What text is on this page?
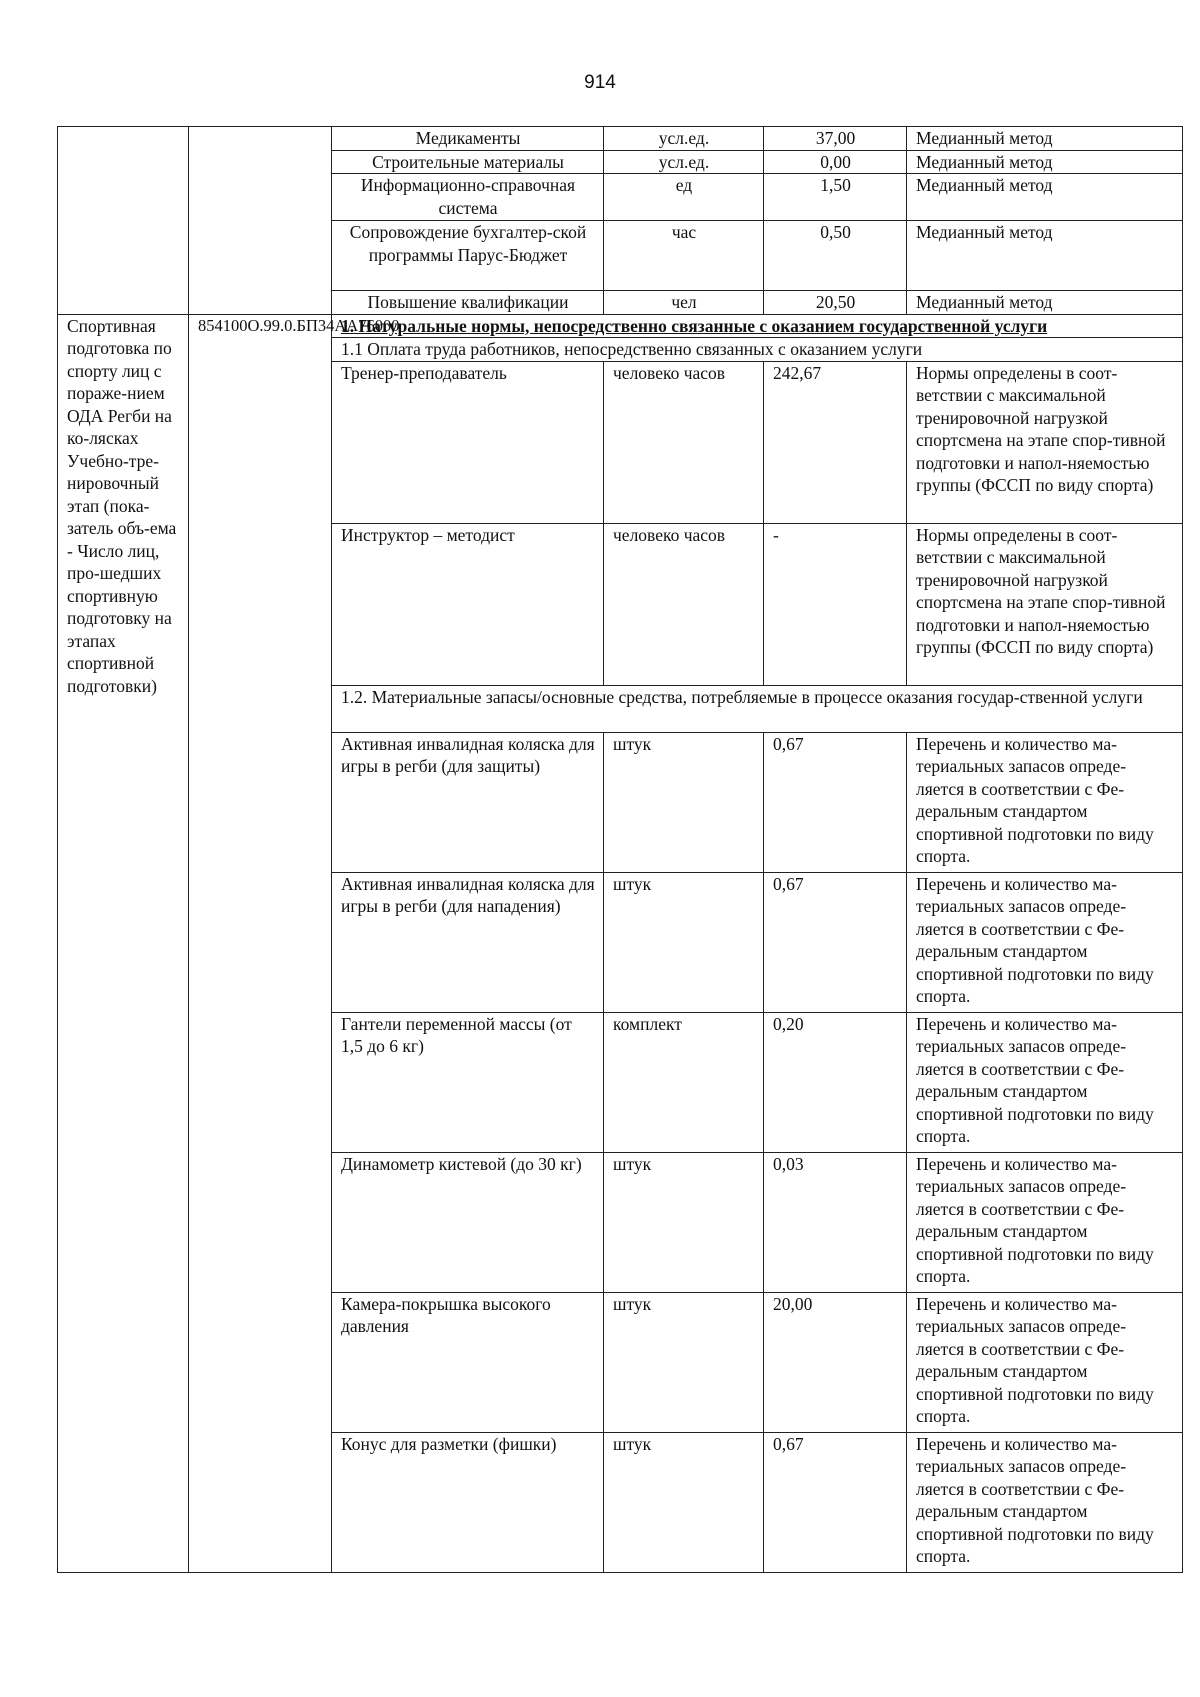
914
		Медикаменты	усл.ед.	37,00	Медианный метод
		Строительные материалы	усл.ед.	0,00	Медианный метод
		Информационно-справочная система	ед	1,50	Медианный метод
		Сопровождение бухгалтер-ской программы Парус-Бюджет	час	0,50	Медианный метод
		Повышение квалификации	чел	20,50	Медианный метод
Спортивная подготовка по спорту лиц с пораже-нием ОДА Регби на ко-лясках Учебно-тре-нировочный этап (пока-затель объ-ема - Число лиц, про-шедших спортивную подготовку на этапах спортивной подготовки)	854100О.99.0.БП34АА76000	1. Натуральные нормы, непосредственно связанные с оказанием государственной услуги			
		1.1 Оплата труда работников, непосредственно связанных с оказанием услуги			
		Тренер-преподаватель	человеко часов	242,67	Нормы определены в соот-ветствии с максимальной тренировочной нагрузкой спортсмена на этапе спор-тивной подготовки и напол-няемостью группы (ФССП по виду спорта)
		Инструктор – методист	человеко часов	-	Нормы определены в соот-ветствии с максимальной тренировочной нагрузкой спортсмена на этапе спор-тивной подготовки и напол-няемостью группы (ФССП по виду спорта)
		1.2. Материальные запасы/основные средства, потребляемые в процессе оказания государ-ственной услуги			
		Активная инвалидная коляска для игры в регби (для защиты)	штук	0,67	Перечень и количество ма-териальных запасов опреде-ляется в соответствии с Фе-деральным стандартом спортивной подготовки по виду спорта.
		Активная инвалидная коляска для игры в регби (для нападения)	штук	0,67	Перечень и количество ма-териальных запасов опреде-ляется в соответствии с Фе-деральным стандартом спортивной подготовки по виду спорта.
		Гантели переменной массы (от 1,5 до 6 кг)	комплект	0,20	Перечень и количество ма-териальных запасов опреде-ляется в соответствии с Фе-деральным стандартом спортивной подготовки по виду спорта.
		Динамометр кистевой (до 30 кг)	штук	0,03	Перечень и количество ма-териальных запасов опреде-ляется в соответствии с Фе-деральным стандартом спортивной подготовки по виду спорта.
		Камера-покрышка высокого давления	штук	20,00	Перечень и количество ма-териальных запасов опреде-ляется в соответствии с Фе-деральным стандартом спортивной подготовки по виду спорта.
		Конус для разметки (фишки)	штук	0,67	Перечень и количество ма-териальных запасов опреде-ляется в соответствии с Фе-деральным стандартом спортивной подготовки по виду спорта.
